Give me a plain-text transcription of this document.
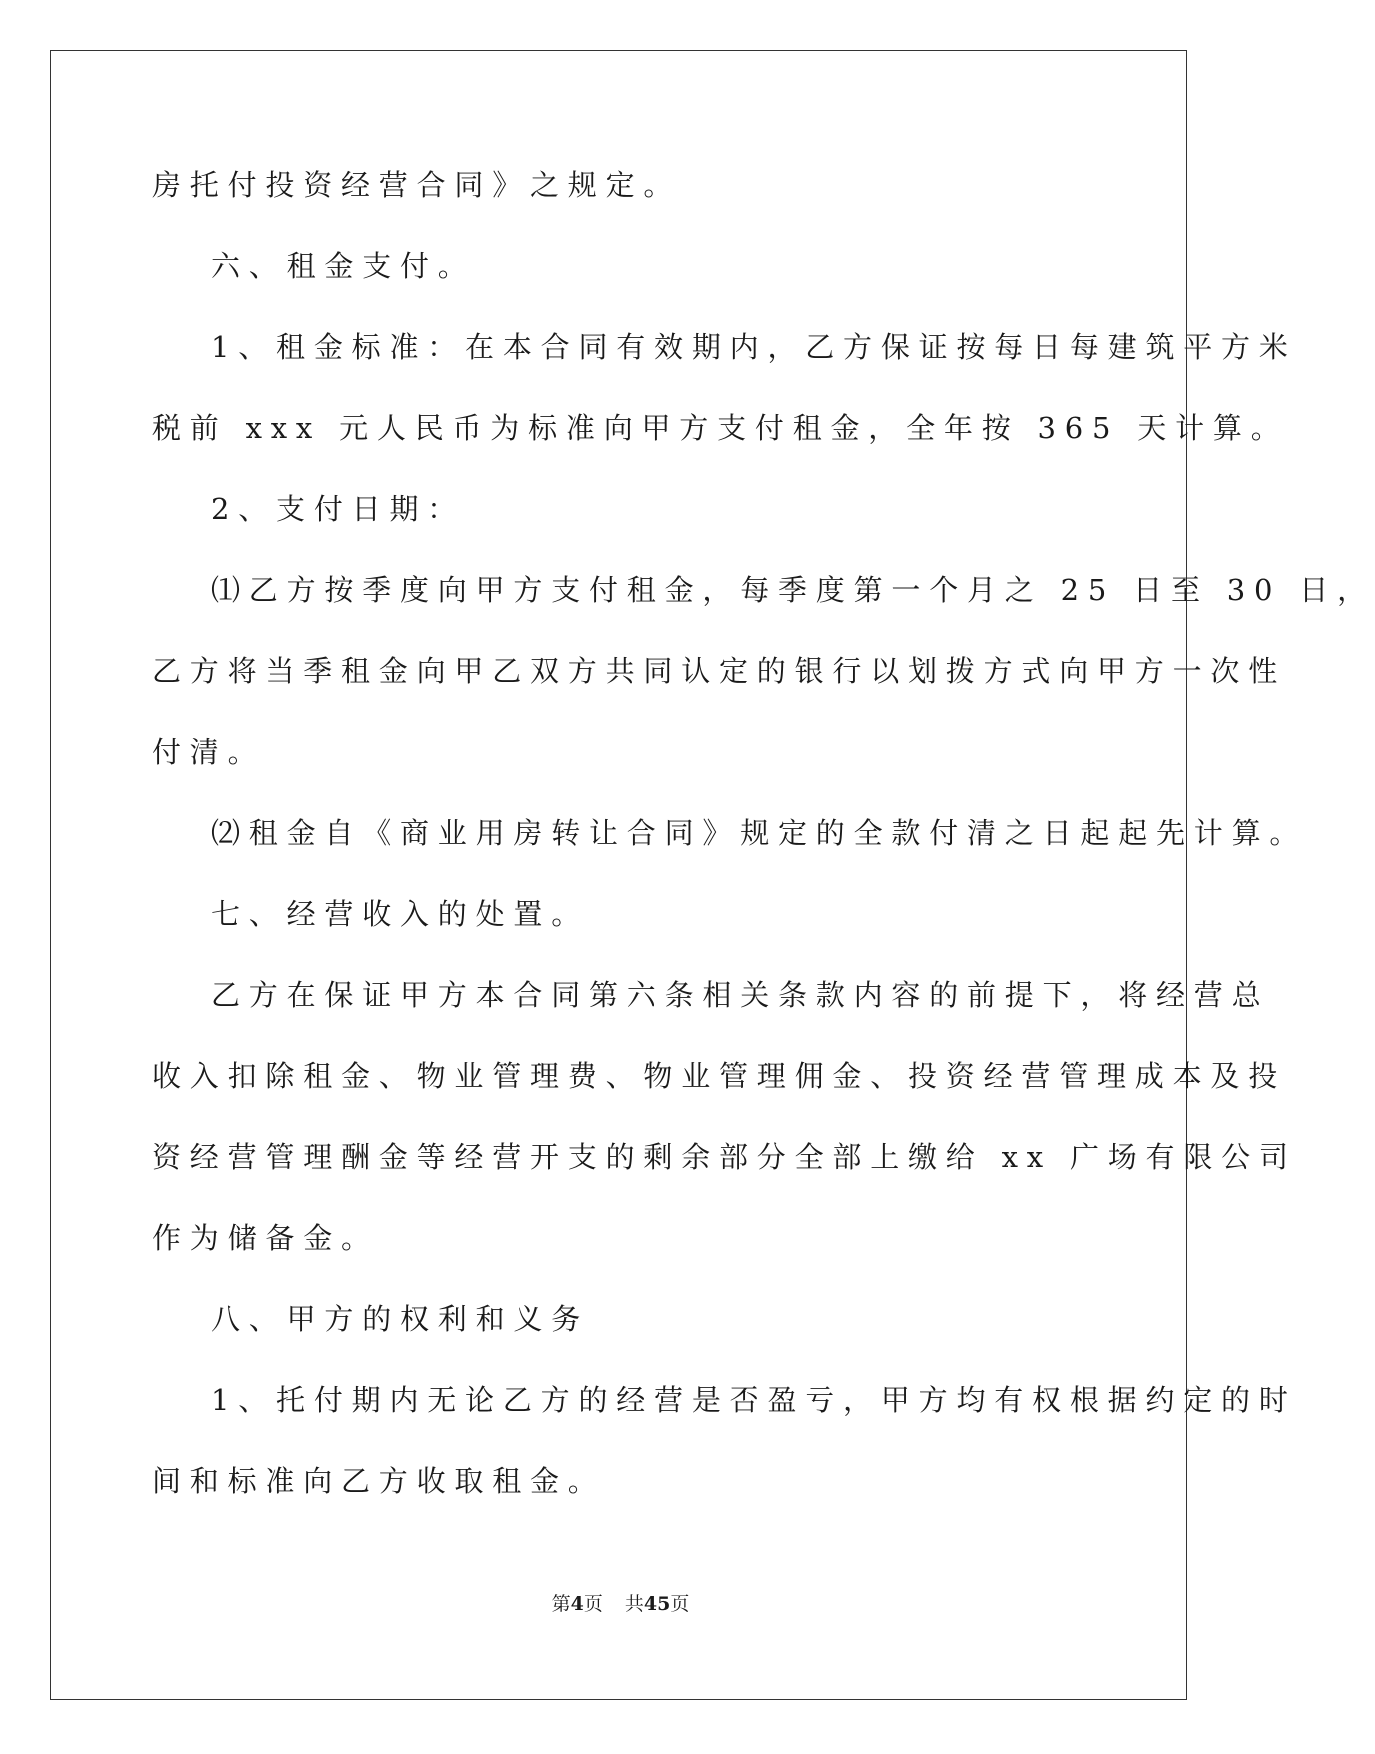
房托付投资经营合同》之规定。
六、租金支付。
1、租金标准：在本合同有效期内，乙方保证按每日每建筑平方米
税前 xxx 元人民币为标准向甲方支付租金，全年按 365 天计算。
2、支付日期：
⑴乙方按季度向甲方支付租金，每季度第一个月之 25 日至 30 日，
乙方将当季租金向甲乙双方共同认定的银行以划拨方式向甲方一次性
付清。
⑵租金自《商业用房转让合同》规定的全款付清之日起起先计算。
七、经营收入的处置。
乙方在保证甲方本合同第六条相关条款内容的前提下，将经营总
收入扣除租金、物业管理费、物业管理佣金、投资经营管理成本及投
资经营管理酬金等经营开支的剩余部分全部上缴给 xx 广场有限公司
作为储备金。
八、甲方的权利和义务
1、托付期内无论乙方的经营是否盈亏，甲方均有权根据约定的时
间和标准向乙方收取租金。
第4页 共45页
